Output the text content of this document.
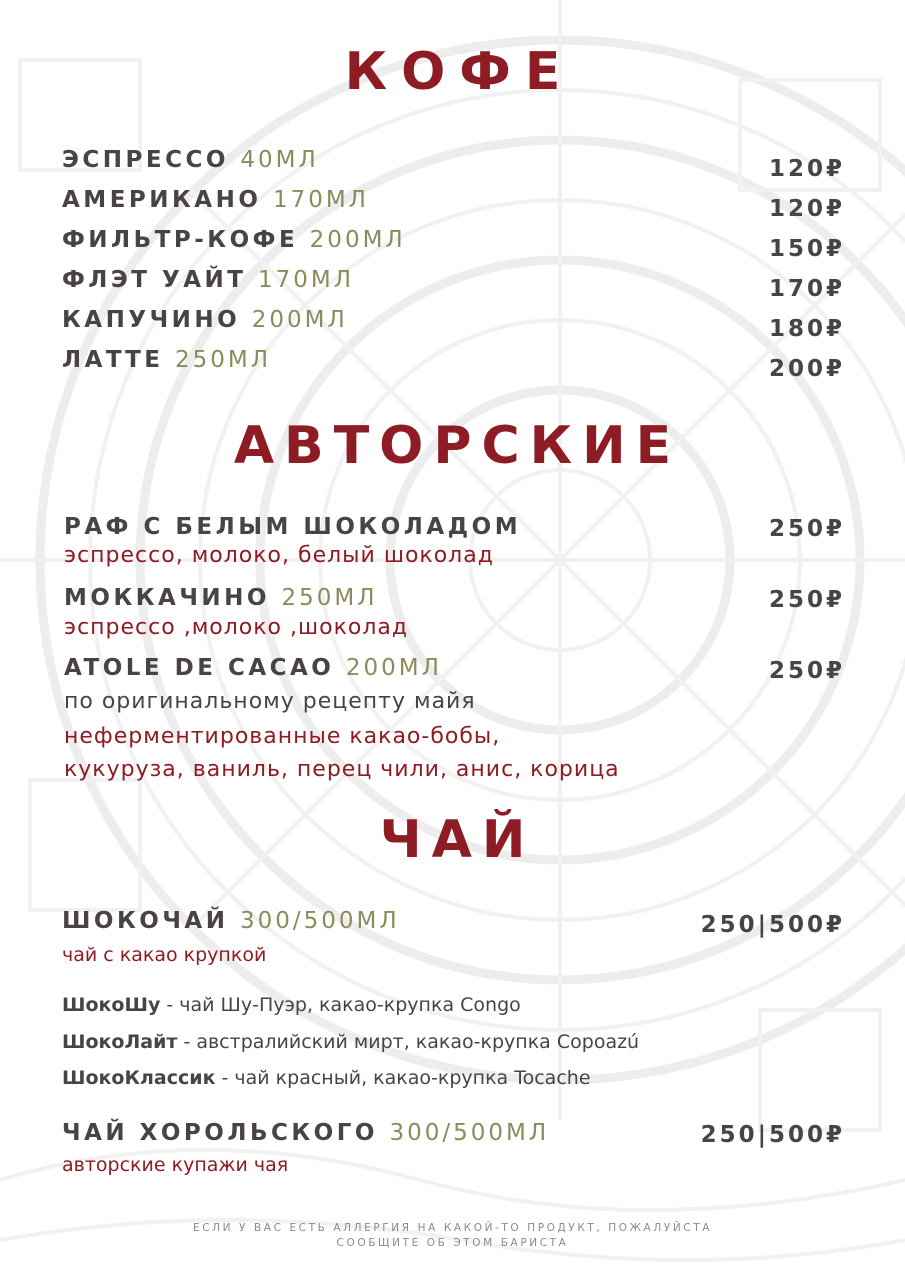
КОФЕ
ЭСПРЕССО 40МЛ	120₽
АМЕРИКАНО 170МЛ	120₽
ФИЛЬТР-КОФЕ 200МЛ	150₽
ФЛЭТ УАЙТ 170МЛ	170₽
КАПУЧИНО 200МЛ	180₽
ЛАТТЕ 250МЛ	200₽
АВТОРСКИЕ
РАФ С БЕЛЫМ ШОКОЛАДОМ	250₽
эспрессо, молоко, белый шоколад
МОККАЧИНО 250МЛ	250₽
эспрессо ,молоко ,шоколад
ATOLE DE CACAO 200МЛ	250₽
по оригинальному рецепту майя
неферментированные какао-бобы,
кукуруза, ваниль, перец чили, анис, корица
ЧАЙ
ШОКОЧАЙ 300/500МЛ	250|500₽
чай с какао крупкой
ШокоШу - чай Шу-Пуэр, какао-крупка Congo
ШокоЛайт - австралийский мирт, какао-крупка Copoazú
ШокоКлассик - чай красный, какао-крупка Tocache
ЧАЙ ХОРОЛЬСКОГО 300/500МЛ	250|500₽
авторские купажи чая
ЕСЛИ У ВАС ЕСТЬ АЛЛЕРГИЯ НА КАКОЙ-ТО ПРОДУКТ, ПОЖАЛУЙСТА
СООБЩИТЕ ОБ ЭТОМ БАРИСТА
